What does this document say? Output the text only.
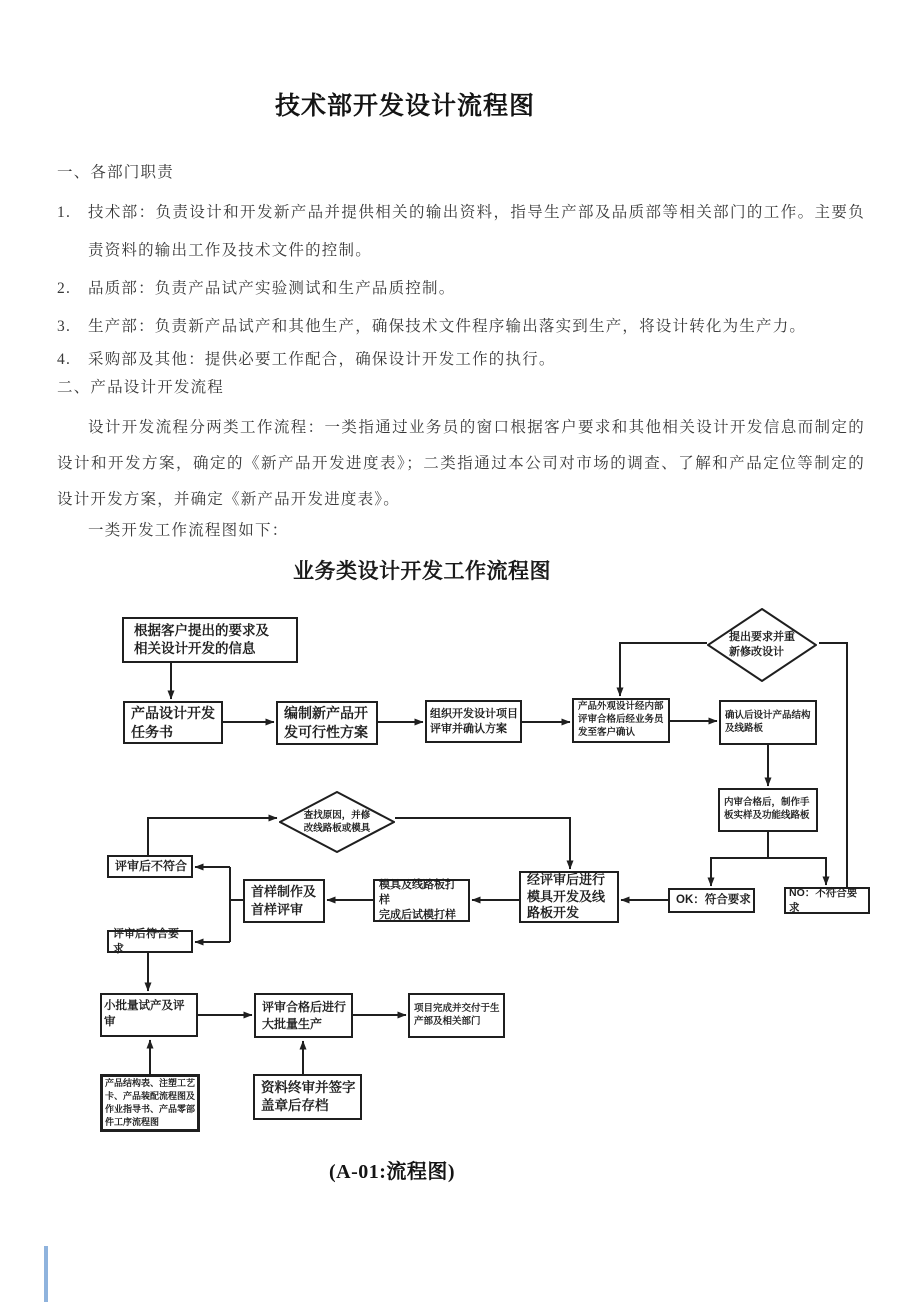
技术部开发设计流程图
一、各部门职责
1. 技术部：负责设计和开发新产品并提供相关的输出资料，指导生产部及品质部等相关部门的工作。主要负责资料的输出工作及技术文件的控制。
2. 品质部：负责产品试产实验测试和生产品质控制。
3. 生产部：负责新产品试产和其他生产，确保技术文件程序输出落实到生产，将设计转化为生产力。
4. 采购部及其他：提供必要工作配合，确保设计开发工作的执行。
二、产品设计开发流程
设计开发流程分两类工作流程：一类指通过业务员的窗口根据客户要求和其他相关设计开发信息而制定的设计和开发方案，确定的《新产品开发进度表》；二类指通过本公司对市场的调查、了解和产品定位等制定的设计开发方案，并确定《新产品开发进度表》。
一类开发工作流程图如下：
业务类设计开发工作流程图
根据客户提出的要求及
相关设计开发的信息
产品设计开发
任务书
编制新产品开
发可行性方案
组织开发设计项目
评审并确认方案
产品外观设计经内部
评审合格后经业务员
发至客户确认
确认后设计产品结构
及线路板
内审合格后，制作手
板实样及功能线路板
OK：符合要求
NO：不符合要求
经评审后进行
模具开发及线
路板开发
模具及线路板打样
完成后试模打样
首样制作及
首样评审
评审后不符合
评审后符合要求
小批量试产及评审
评审合格后进行
大批量生产
项目完成并交付于生
产部及相关部门
产品结构表、注塑工艺
卡、产品装配流程图及
作业指导书、产品零部
件工序流程图
资料终审并签字
盖章后存档
提出要求并重
新修改设计
查找原因，并修
改线路板或模具
(A-01:流程图)
